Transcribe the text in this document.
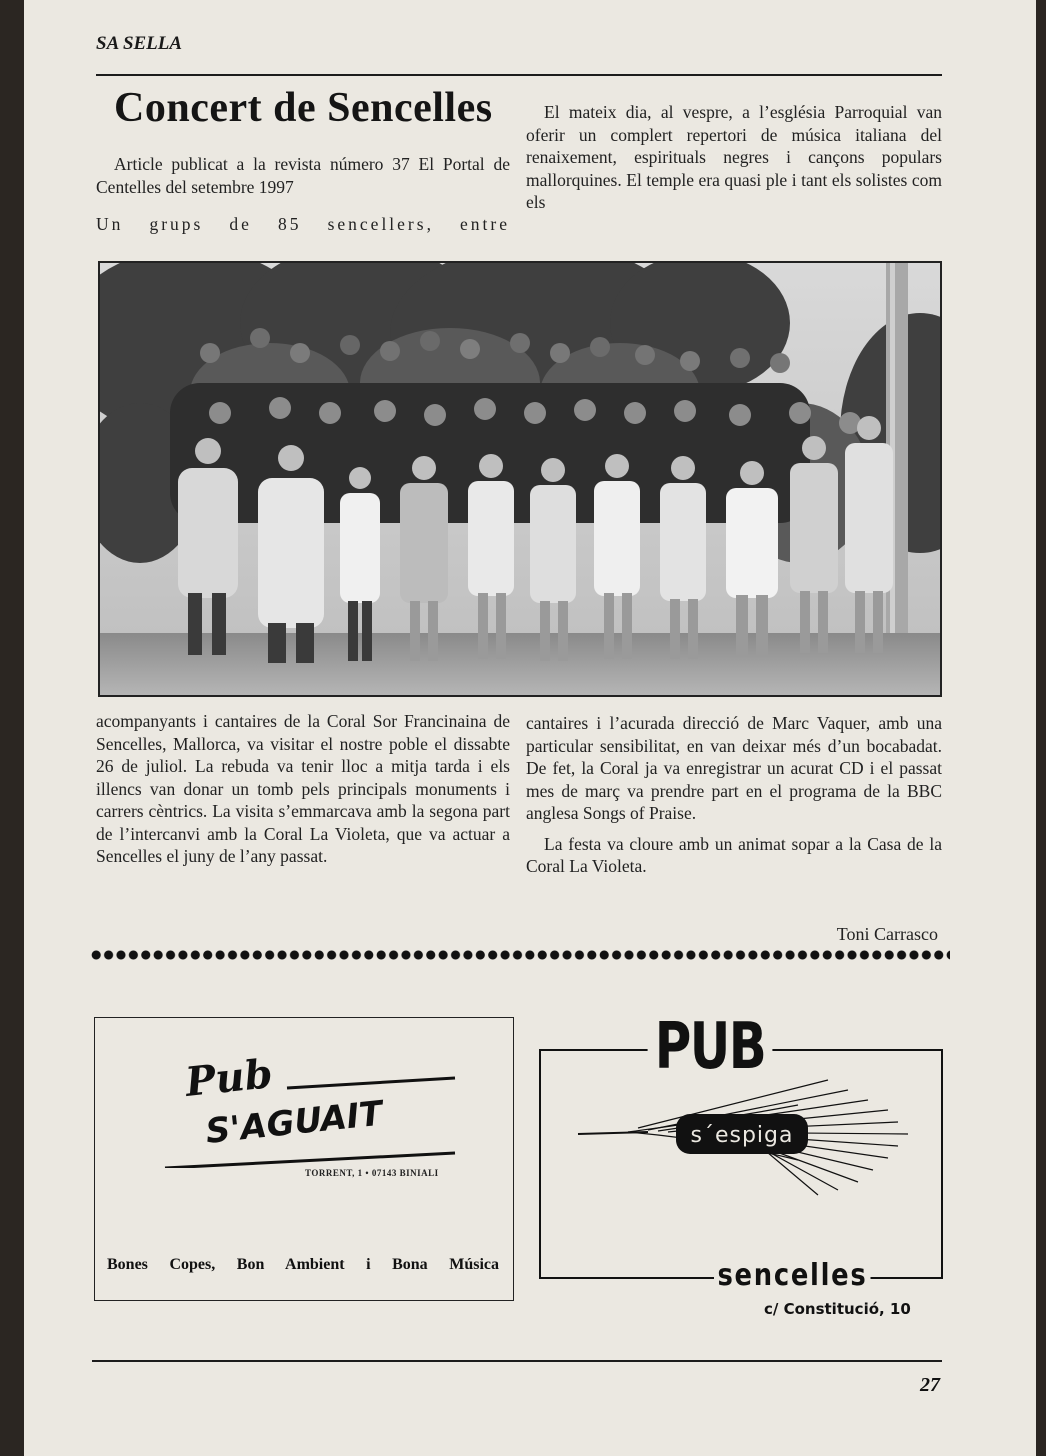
SA SELLA
Concert de Sencelles

Article publicat a la revista número 37 El Portal de Centelles del setembre 1997

Un grups de 85 sencellers, entre

El mateix dia, al vespre, a l’església Parroquial van oferir un complert repertori de música italiana del renaixement, espirituals negres i cançons populars mallorquines. El temple era quasi ple i tant els solistes com els

acompanyants i cantaires de la Coral Sor Francinaina de Sencelles, Mallorca, va visitar el nostre poble el dissabte 26 de juliol. La rebuda va tenir lloc a mitja tarda i els illencs van donar un tomb pels principals monuments i carrers cèntrics. La visita s’emmarcava amb la segona part de l’intercanvi amb la Coral La Violeta, que va actuar a Sencelles el juny de l’any passat.

cantaires i l’acurada direcció de Marc Vaquer, amb una particular sensibilitat, en van deixar més d’un bocabadat. De fet, la Coral ja va enregistrar un acurat CD i el passat mes de març va prendre part en el programa de la BBC anglesa Songs of Praise.

La festa va cloure amb un animat sopar a la Casa de la Coral La Violeta.

Toni Carrasco
Pub
S'AGUAIT
TORRENT, 1 • 07143 BINIALI
Bones Copes, Bon Ambient i Bona Música
s´espiga
PUB
sencelles
c/ Constitució, 10
27
